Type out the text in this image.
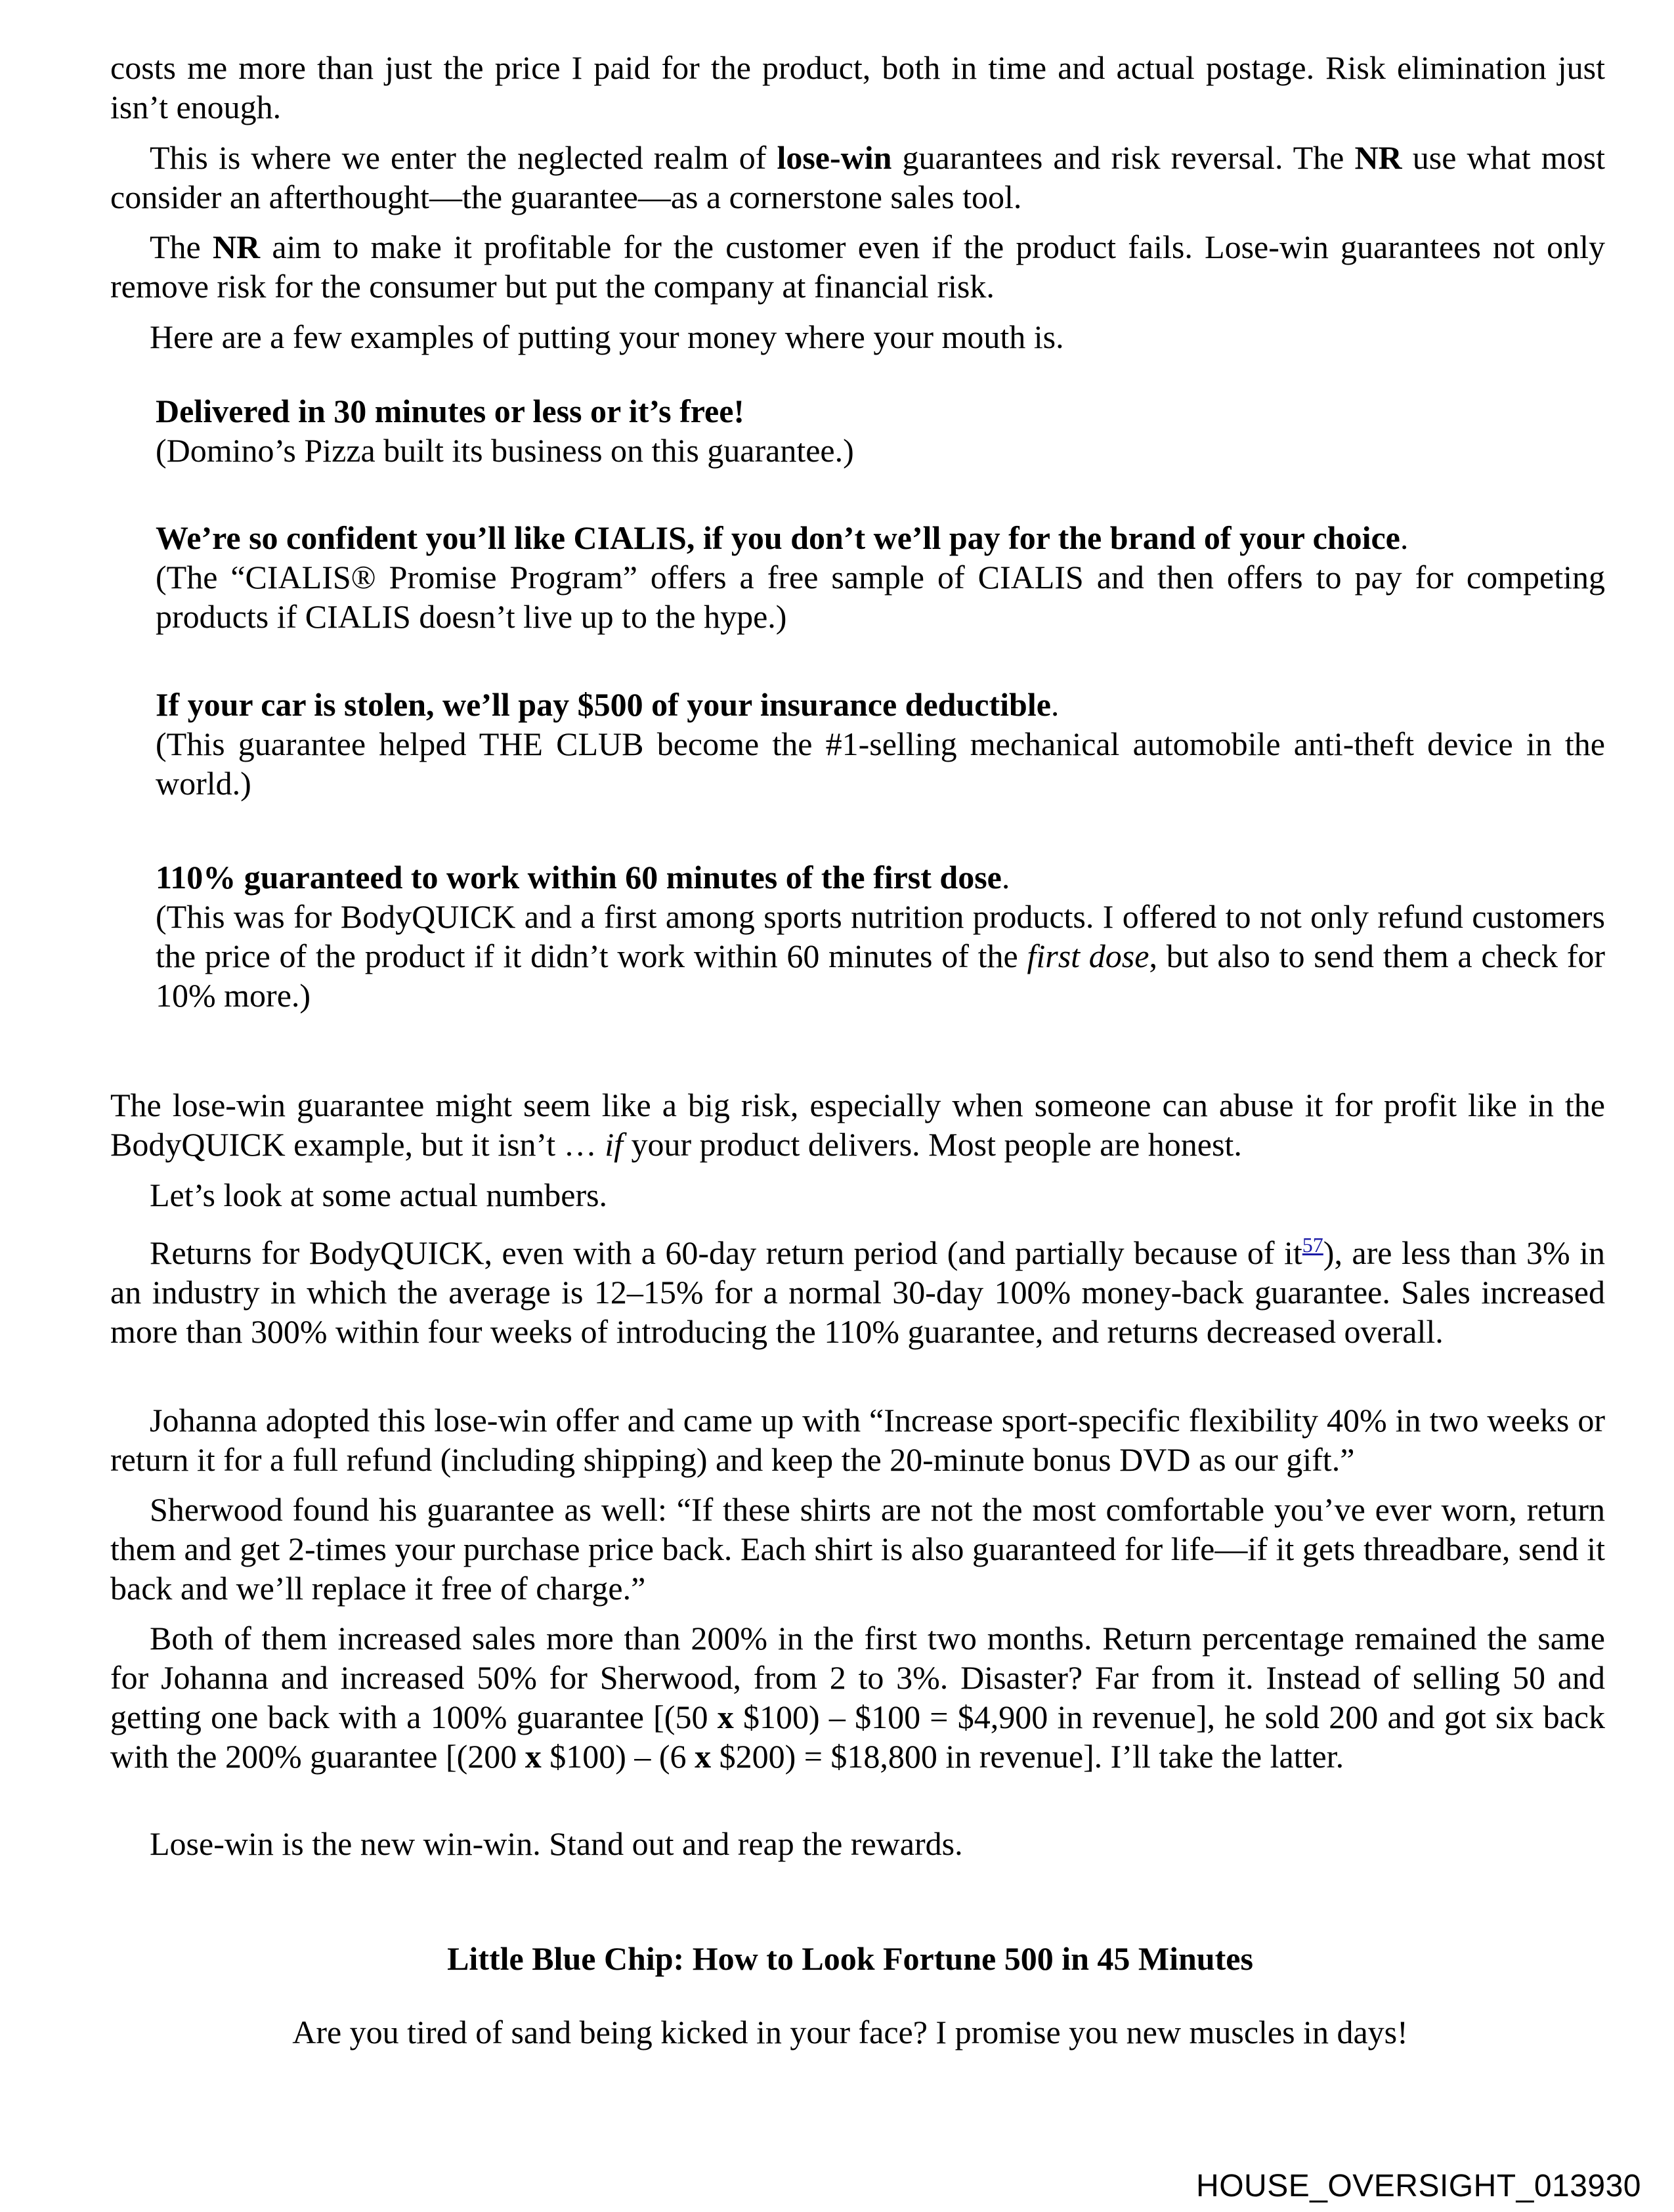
costs me more than just the price I paid for the product, both in time and actual postage. Risk elimination just isn’t enough.

This is where we enter the neglected realm of lose-win guarantees and risk reversal. The NR use what most consider an afterthought—the guarantee—as a cornerstone sales tool.

The NR aim to make it profitable for the customer even if the product fails. Lose-win guarantees not only remove risk for the consumer but put the company at financial risk.

Here are a few examples of putting your money where your mouth is.

Delivered in 30 minutes or less or it’s free!
(Domino’s Pizza built its business on this guarantee.)
We’re so confident you’ll like CIALIS, if you don’t we’ll pay for the brand of your choice.
(The “CIALIS® Promise Program” offers a free sample of CIALIS and then offers to pay for competing products if CIALIS doesn’t live up to the hype.)
If your car is stolen, we’ll pay $500 of your insurance deductible.
(This guarantee helped THE CLUB become the #1-selling mechanical automobile anti-theft device in the world.)
110% guaranteed to work within 60 minutes of the first dose.
(This was for BodyQUICK and a first among sports nutrition products. I offered to not only refund customers the price of the product if it didn’t work within 60 minutes of the first dose, but also to send them a check for 10% more.)

The lose-win guarantee might seem like a big risk, especially when someone can abuse it for profit like in the BodyQUICK example, but it isn’t … if your product delivers. Most people are honest.

Let’s look at some actual numbers.

Returns for BodyQUICK, even with a 60-day return period (and partially because of it$^{57}$), are less than 3% in an industry in which the average is 12–15% for a normal 30-day 100% money-back guarantee. Sales increased more than 300% within four weeks of introducing the 110% guarantee, and returns decreased overall.

Johanna adopted this lose-win offer and came up with “Increase sport-specific flexibility 40% in two weeks or return it for a full refund (including shipping) and keep the 20-minute bonus DVD as our gift.”

Sherwood found his guarantee as well: “If these shirts are not the most comfortable you’ve ever worn, return them and get 2-times your purchase price back. Each shirt is also guaranteed for life—if it gets threadbare, send it back and we’ll replace it free of charge.”

Both of them increased sales more than 200% in the first two months. Return percentage remained the same for Johanna and increased 50% for Sherwood, from 2 to 3%. Disaster? Far from it. Instead of selling 50 and getting one back with a 100% guarantee [(50 x $100) – $100 = $4,900 in revenue], he sold 200 and got six back with the 200% guarantee [(200 x $100) – (6 x $200) = $18,800 in revenue]. I’ll take the latter.

Lose-win is the new win-win. Stand out and reap the rewards.

Little Blue Chip: How to Look Fortune 500 in 45 Minutes

Are you tired of sand being kicked in your face? I promise you new muscles in days!

HOUSE_OVERSIGHT_013930
